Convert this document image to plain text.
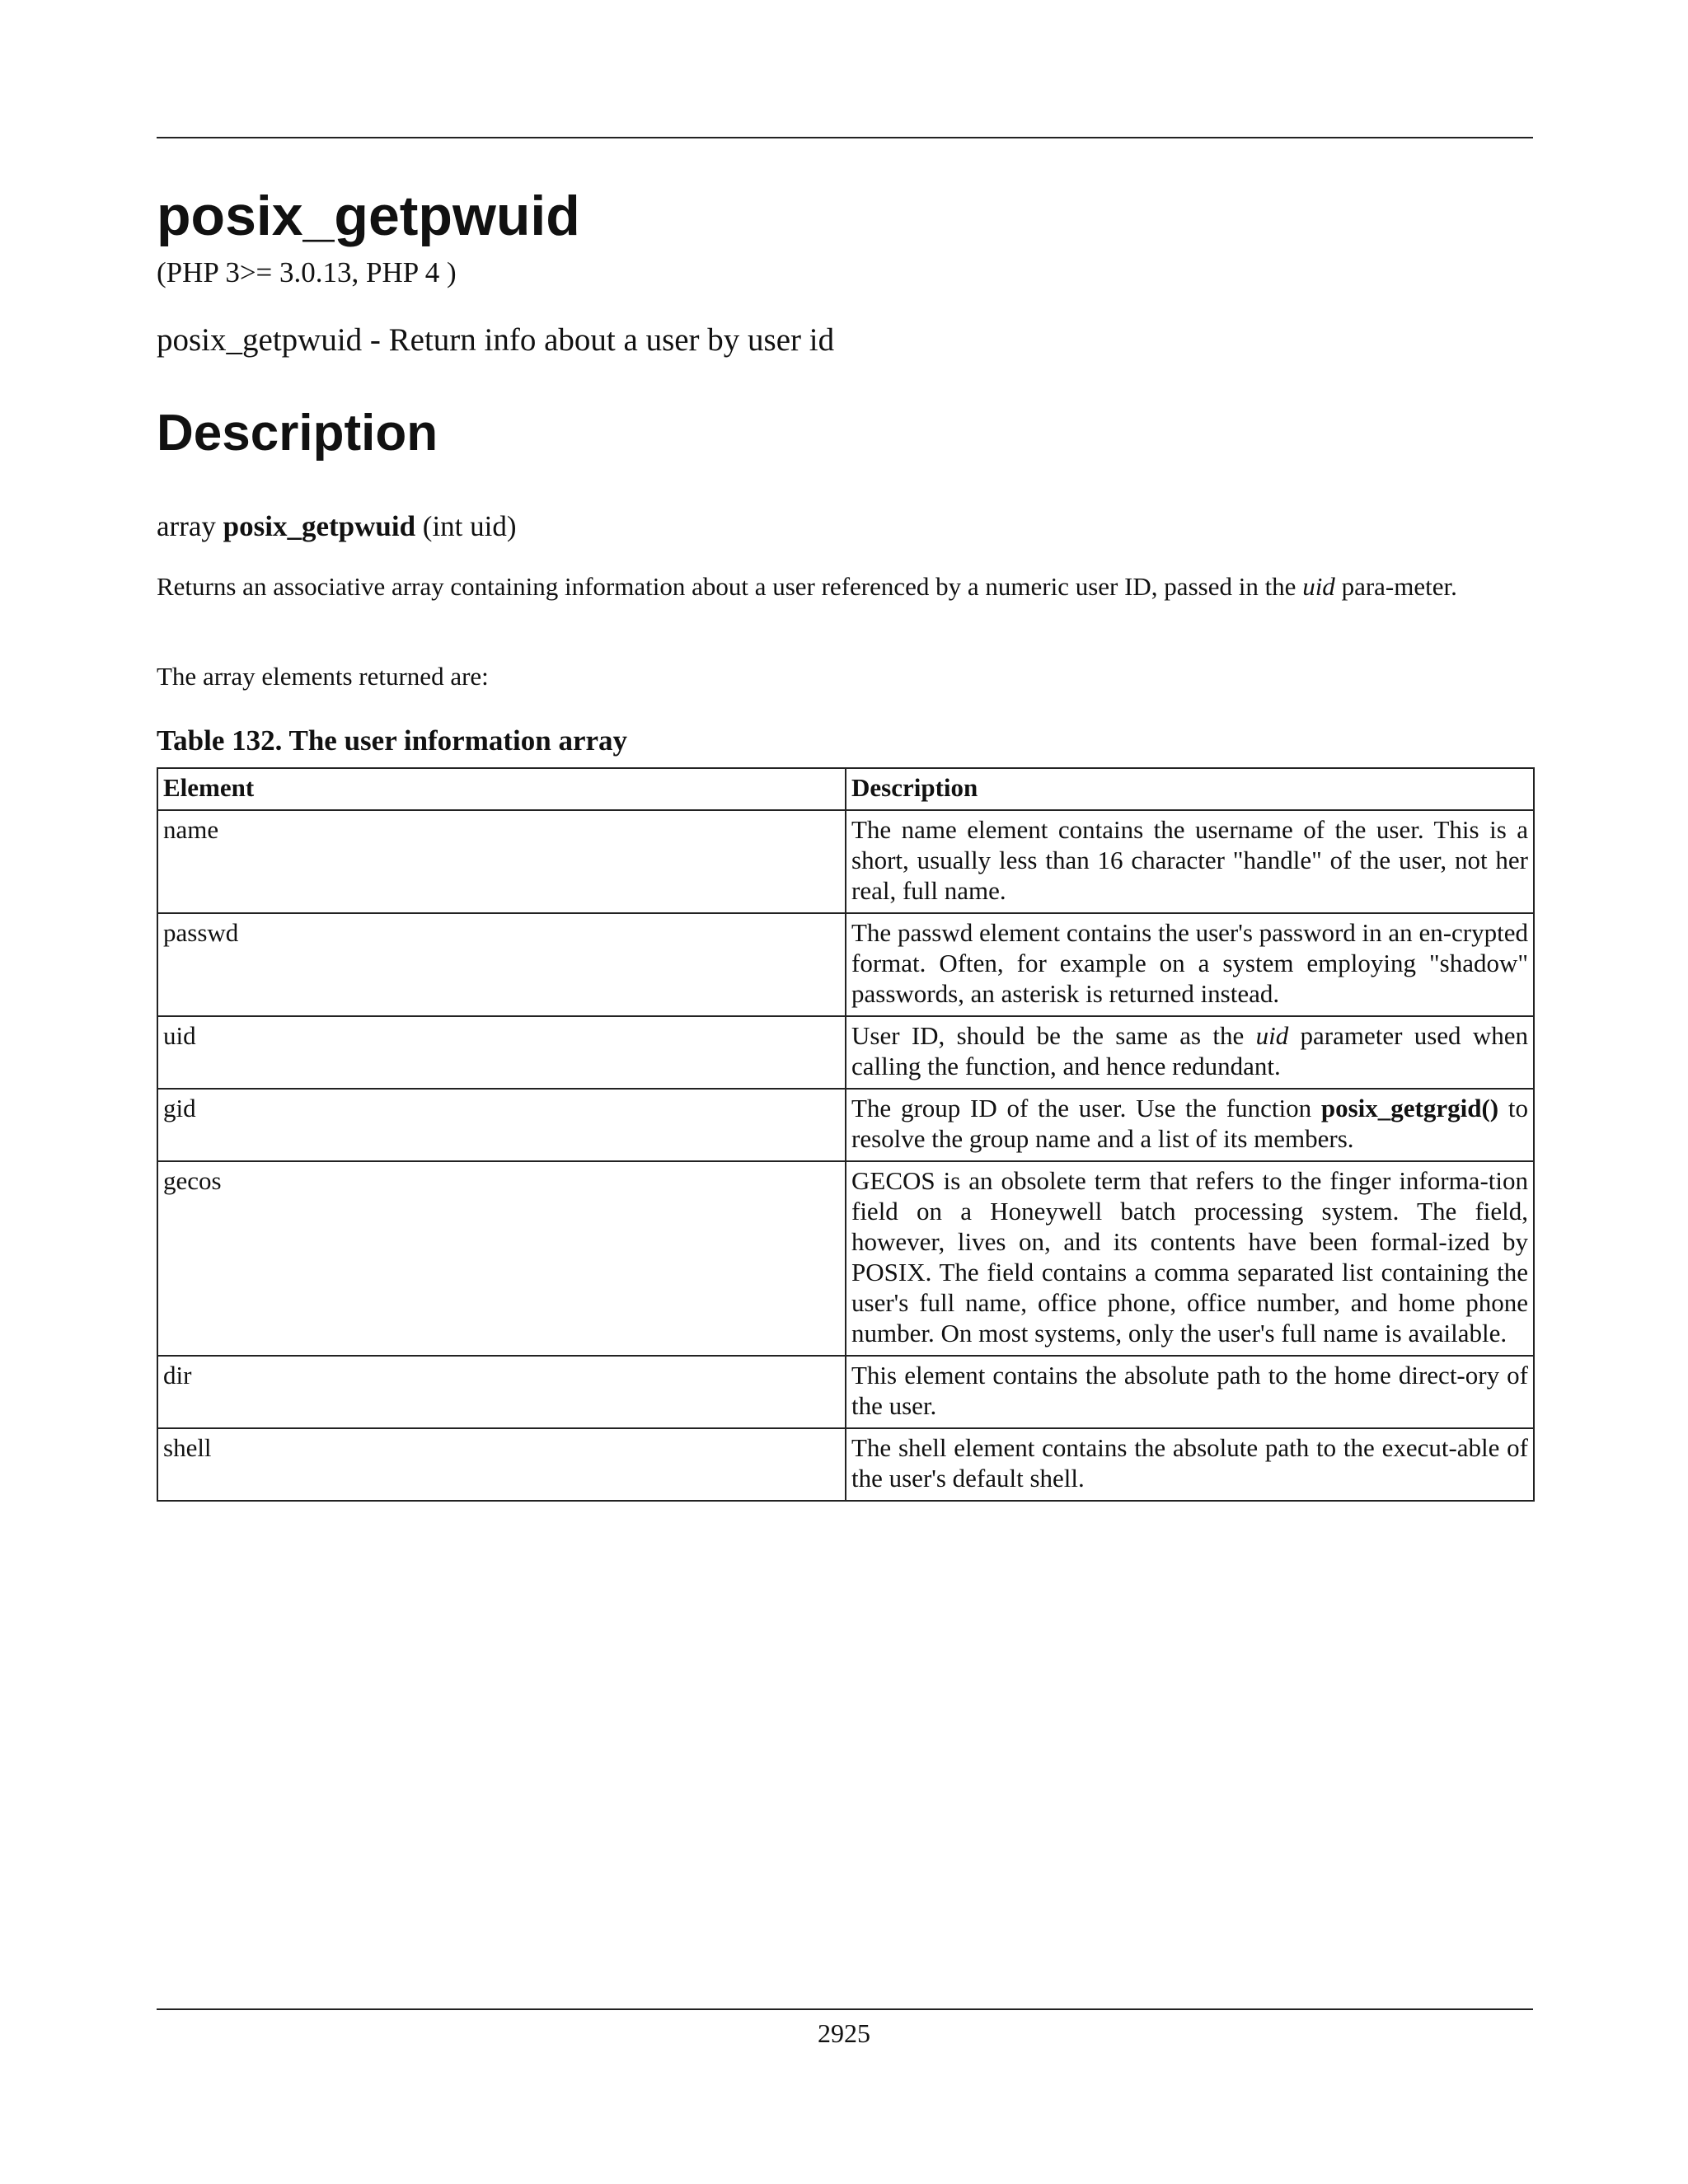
posix_getpwuid

(PHP 3>= 3.0.13, PHP 4 )

posix_getpwuid - Return info about a user by user id

Description

array posix_getpwuid (int uid)

Returns an associative array containing information about a user referenced by a numeric user ID, passed in the uid para-meter.

The array elements returned are:

Table 132. The user information array

Element	Description
name	The name element contains the username of the user. This is a short, usually less than 16 character "handle" of the user, not her real, full name.
passwd	The passwd element contains the user's password in an en-crypted format. Often, for example on a system employing "shadow" passwords, an asterisk is returned instead.
uid	User ID, should be the same as the uid parameter used when calling the function, and hence redundant.
gid	The group ID of the user. Use the function posix_getgrgid() to resolve the group name and a list of its members.
gecos	GECOS is an obsolete term that refers to the finger informa-tion field on a Honeywell batch processing system. The field, however, lives on, and its contents have been formal-ized by POSIX. The field contains a comma separated list containing the user's full name, office phone, office number, and home phone number. On most systems, only the user's full name is available.
dir	This element contains the absolute path to the home direct-ory of the user.
shell	The shell element contains the absolute path to the execut-able of the user's default shell.

2925
